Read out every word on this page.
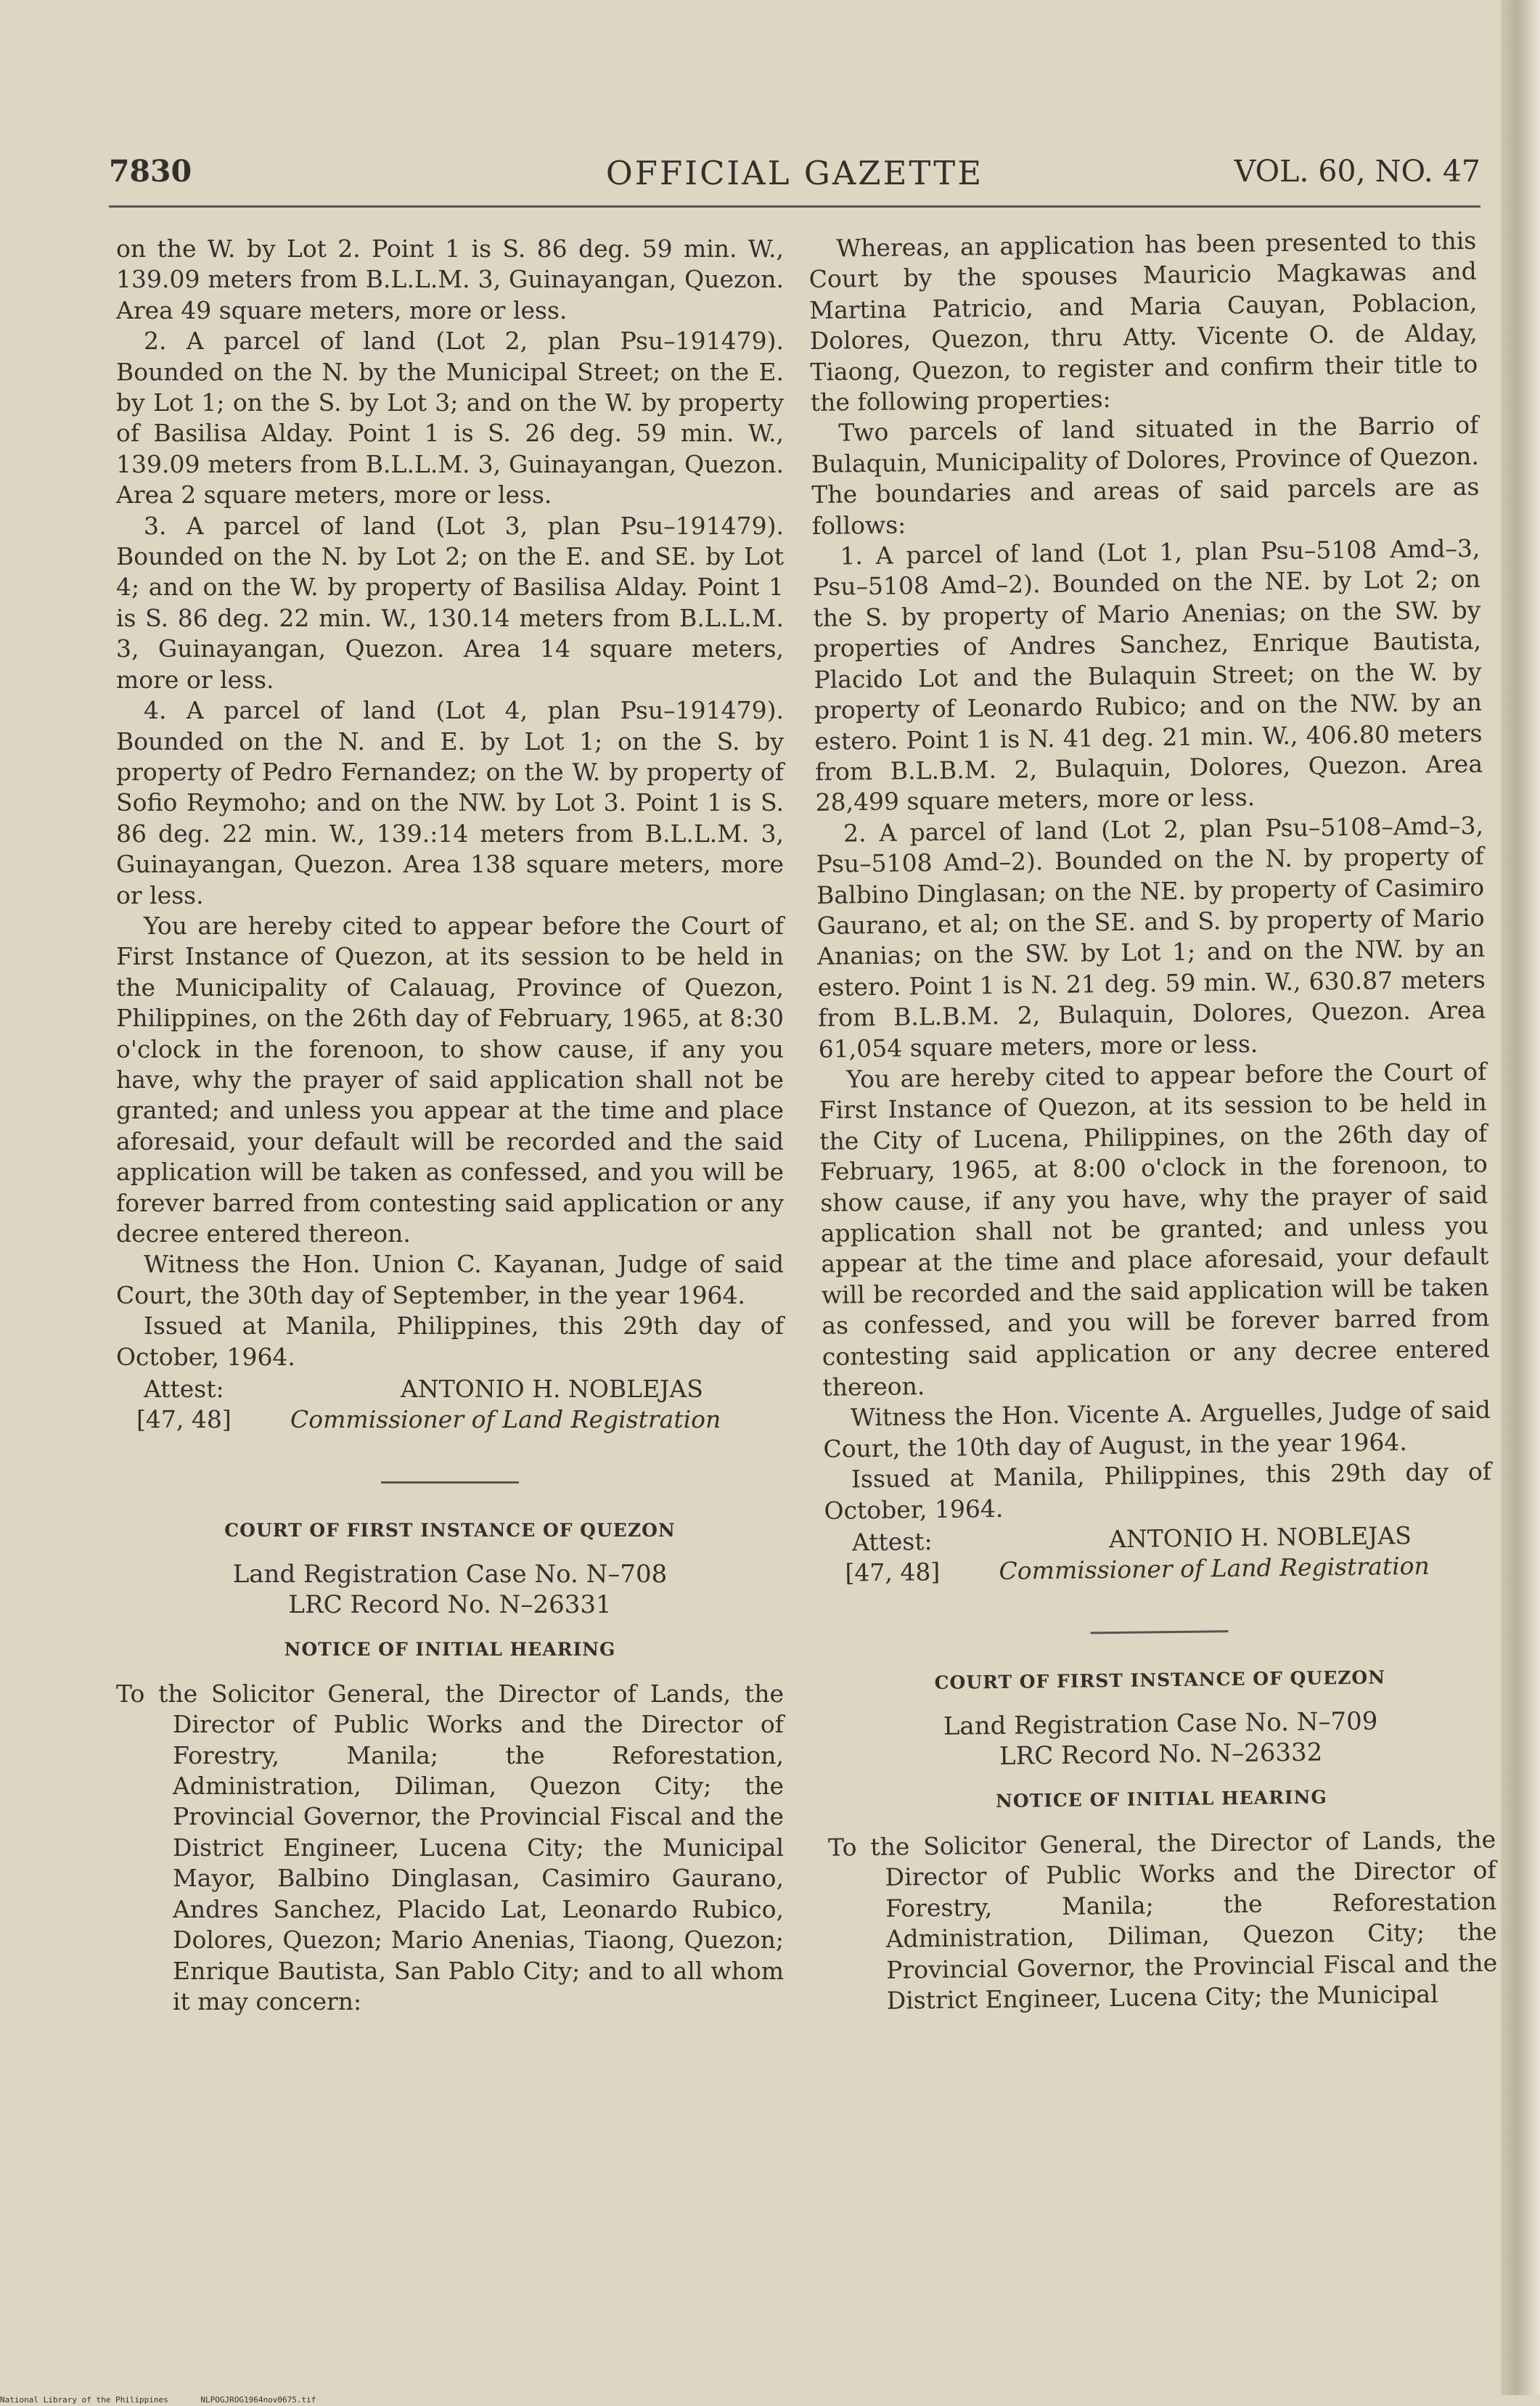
7830	OFFICIAL GAZETTE	VOL. 60, NO. 47

on the W. by Lot 2. Point 1 is S. 86 deg. 59 min. W., 139.09 meters from B.L.L.M. 3, Guinayangan, Quezon. Area 49 square meters, more or less.

2. A parcel of land (Lot 2, plan Psu–191479). Bounded on the N. by the Municipal Street; on the E. by Lot 1; on the S. by Lot 3; and on the W. by property of Basilisa Alday. Point 1 is S. 26 deg. 59 min. W., 139.09 meters from B.L.L.M. 3, Guinayangan, Quezon. Area 2 square meters, more or less.

3. A parcel of land (Lot 3, plan Psu–191479). Bounded on the N. by Lot 2; on the E. and SE. by Lot 4; and on the W. by property of Basilisa Alday. Point 1 is S. 86 deg. 22 min. W., 130.14 meters from B.L.L.M. 3, Guinayangan, Quezon. Area 14 square meters, more or less.

4. A parcel of land (Lot 4, plan Psu–191479). Bounded on the N. and E. by Lot 1; on the S. by property of Pedro Fernandez; on the W. by property of Sofio Reymoho; and on the NW. by Lot 3. Point 1 is S. 86 deg. 22 min. W., 139.:14 meters from B.L.L.M. 3, Guinayangan, Quezon. Area 138 square meters, more or less.

You are hereby cited to appear before the Court of First Instance of Quezon, at its session to be held in the Municipality of Calauag, Province of Quezon, Philippines, on the 26th day of February, 1965, at 8:30 o'clock in the forenoon, to show cause, if any you have, why the prayer of said application shall not be granted; and unless you appear at the time and place aforesaid, your default will be recorded and the said application will be taken as confessed, and you will be forever barred from contesting said application or any decree entered thereon.

Witness the Hon. Union C. Kayanan, Judge of said Court, the 30th day of September, in the year 1964.

Issued at Manila, Philippines, this 29th day of October, 1964.

Attest:
[47, 48]
ANTONIO H. NOBLEJAS
Commissioner of Land Registration
COURT OF FIRST INSTANCE OF QUEZON
Land Registration Case No. N–708
LRC Record No. N–26331
NOTICE OF INITIAL HEARING

To the Solicitor General, the Director of Lands, the Director of Public Works and the Director of Forestry, Manila; the Reforestation, Administration, Diliman, Quezon City; the Provincial Governor, the Provincial Fiscal and the District Engineer, Lucena City; the Municipal Mayor, Balbino Dinglasan, Casimiro Gaurano, Andres Sanchez, Placido Lat, Leonardo Rubico, Dolores, Quezon; Mario Anenias, Tiaong, Quezon; Enrique Bautista, San Pablo City; and to all whom it may concern:

Whereas, an application has been presented to this Court by the spouses Mauricio Magkawas and Martina Patricio, and Maria Cauyan, Poblacion, Dolores, Quezon, thru Atty. Vicente O. de Alday, Tiaong, Quezon, to register and confirm their title to the following properties:

Two parcels of land situated in the Barrio of Bulaquin, Municipality of Dolores, Province of Quezon. The boundaries and areas of said parcels are as follows:

1. A parcel of land (Lot 1, plan Psu–5108 Amd–3, Psu–5108 Amd–2). Bounded on the NE. by Lot 2; on the S. by property of Mario Anenias; on the SW. by properties of Andres Sanchez, Enrique Bautista, Placido Lot and the Bulaquin Street; on the W. by property of Leonardo Rubico; and on the NW. by an estero. Point 1 is N. 41 deg. 21 min. W., 406.80 meters from B.L.B.M. 2, Bulaquin, Dolores, Quezon. Area 28,499 square meters, more or less.

2. A parcel of land (Lot 2, plan Psu–5108–Amd–3, Psu–5108 Amd–2). Bounded on the N. by property of Balbino Dinglasan; on the NE. by property of Casimiro Gaurano, et al; on the SE. and S. by property of Mario Ananias; on the SW. by Lot 1; and on the NW. by an estero. Point 1 is N. 21 deg. 59 min. W., 630.87 meters from B.L.B.M. 2, Bulaquin, Dolores, Quezon. Area 61,054 square meters, more or less.

You are hereby cited to appear before the Court of First Instance of Quezon, at its session to be held in the City of Lucena, Philippines, on the 26th day of February, 1965, at 8:00 o'clock in the forenoon, to show cause, if any you have, why the prayer of said application shall not be granted; and unless you appear at the time and place aforesaid, your default will be recorded and the said application will be taken as confessed, and you will be forever barred from contesting said application or any decree entered thereon.

Witness the Hon. Vicente A. Arguelles, Judge of said Court, the 10th day of August, in the year 1964.

Issued at Manila, Philippines, this 29th day of October, 1964.

Attest:
[47, 48]
ANTONIO H. NOBLEJAS
Commissioner of Land Registration
COURT OF FIRST INSTANCE OF QUEZON
Land Registration Case No. N–709
LRC Record No. N–26332
NOTICE OF INITIAL HEARING

To the Solicitor General, the Director of Lands, the Director of Public Works and the Director of Forestry, Manila; the Reforestation Administration, Diliman, Quezon City; the Provincial Governor, the Provincial Fiscal and the District Engineer, Lucena City; the Municipal

National Library of the Philippines	NLPOGJROG1964nov0675.tif
